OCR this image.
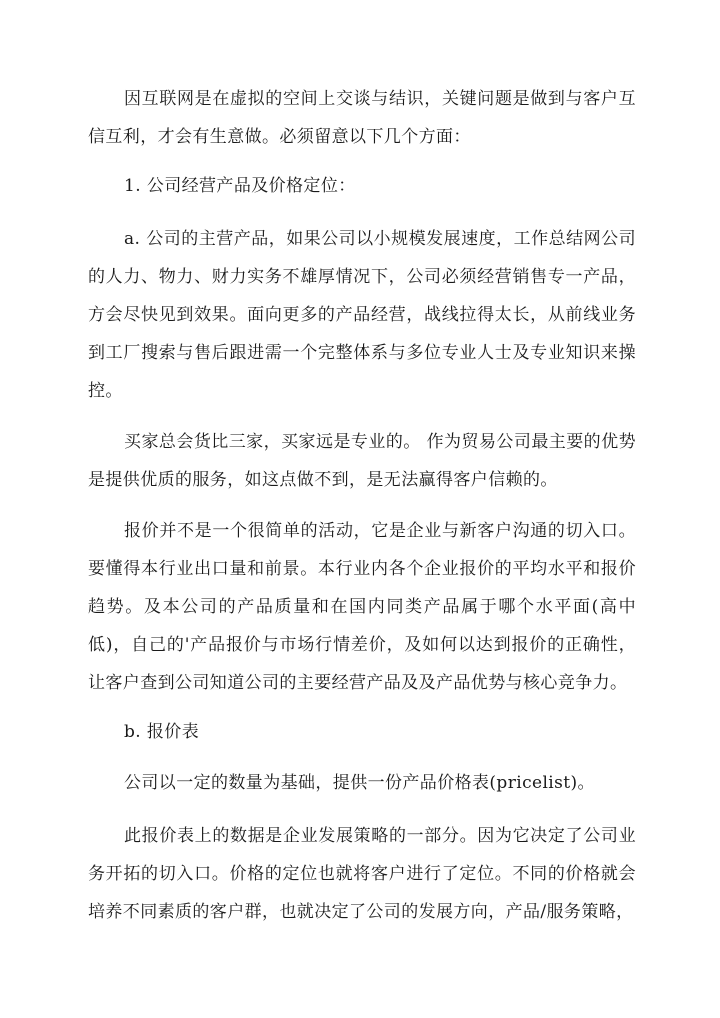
因互联网是在虚拟的空间上交谈与结识，关键问题是做到与客户互信互利，才会有生意做。必须留意以下几个方面：

1. 公司经营产品及价格定位：

a. 公司的主营产品，如果公司以小规模发展速度，工作总结网公司的人力、物力、财力实务不雄厚情况下，公司必须经营销售专一产品，方会尽快见到效果。面向更多的产品经营，战线拉得太长，从前线业务到工厂搜索与售后跟进需一个完整体系与多位专业人士及专业知识来操控。

买家总会货比三家，买家远是专业的。 作为贸易公司最主要的优势是提供优质的服务，如这点做不到，是无法赢得客户信赖的。

报价并不是一个很简单的活动，它是企业与新客户沟通的切入口。要懂得本行业出口量和前景。本行业内各个企业报价的平均水平和报价趋势。及本公司的产品质量和在国内同类产品属于哪个水平面(高中低)，自己的'产品报价与市场行情差价，及如何以达到报价的正确性，让客户查到公司知道公司的主要经营产品及及产品优势与核心竞争力。

b. 报价表

公司以一定的数量为基础，提供一份产品价格表(pricelist)。

此报价表上的数据是企业发展策略的一部分。因为它决定了公司业务开拓的切入口。价格的定位也就将客户进行了定位。不同的价格就会培养不同素质的客户群，也就决定了公司的发展方向，产品/服务策略，
